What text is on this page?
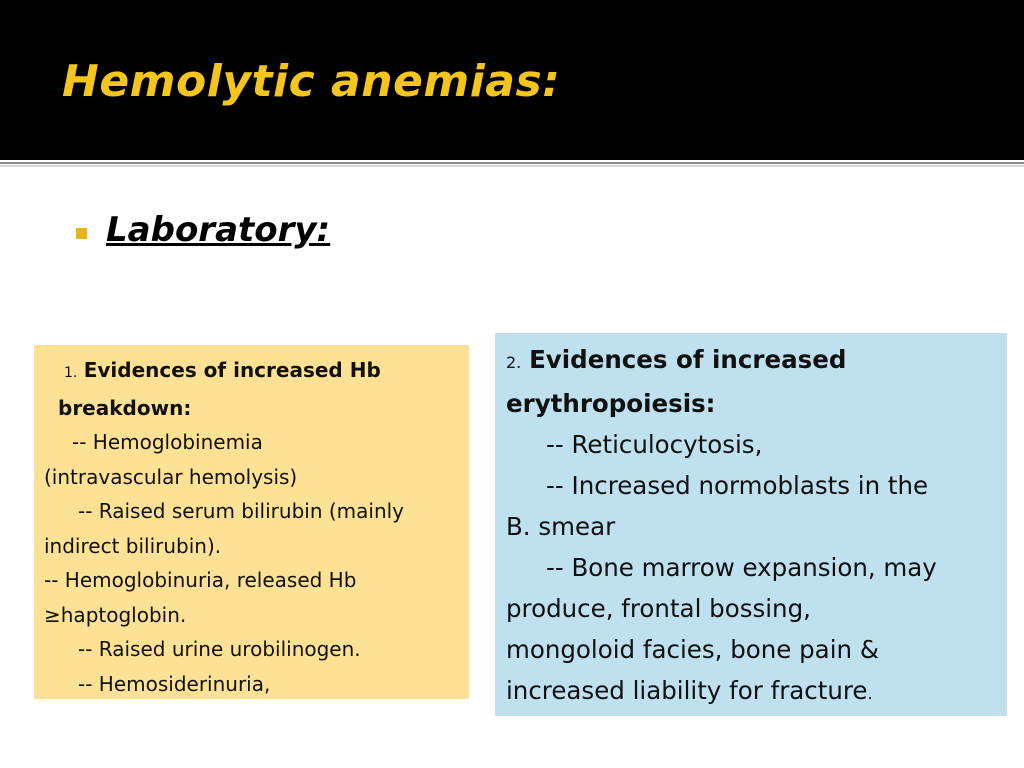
Hemolytic anemias:
Laboratory:
1. Evidences of increased Hb
breakdown:
-- Hemoglobinemia
(intravascular hemolysis)
-- Raised serum bilirubin (mainly
indirect bilirubin).
-- Hemoglobinuria, released Hb
≥haptoglobin.
-- Raised urine urobilinogen.
-- Hemosiderinuria,
2. Evidences of increased
erythropoiesis:
-- Reticulocytosis,
-- Increased normoblasts in the
B. smear
-- Bone marrow expansion, may
produce, frontal bossing,
mongoloid facies, bone pain &
increased liability for fracture.
